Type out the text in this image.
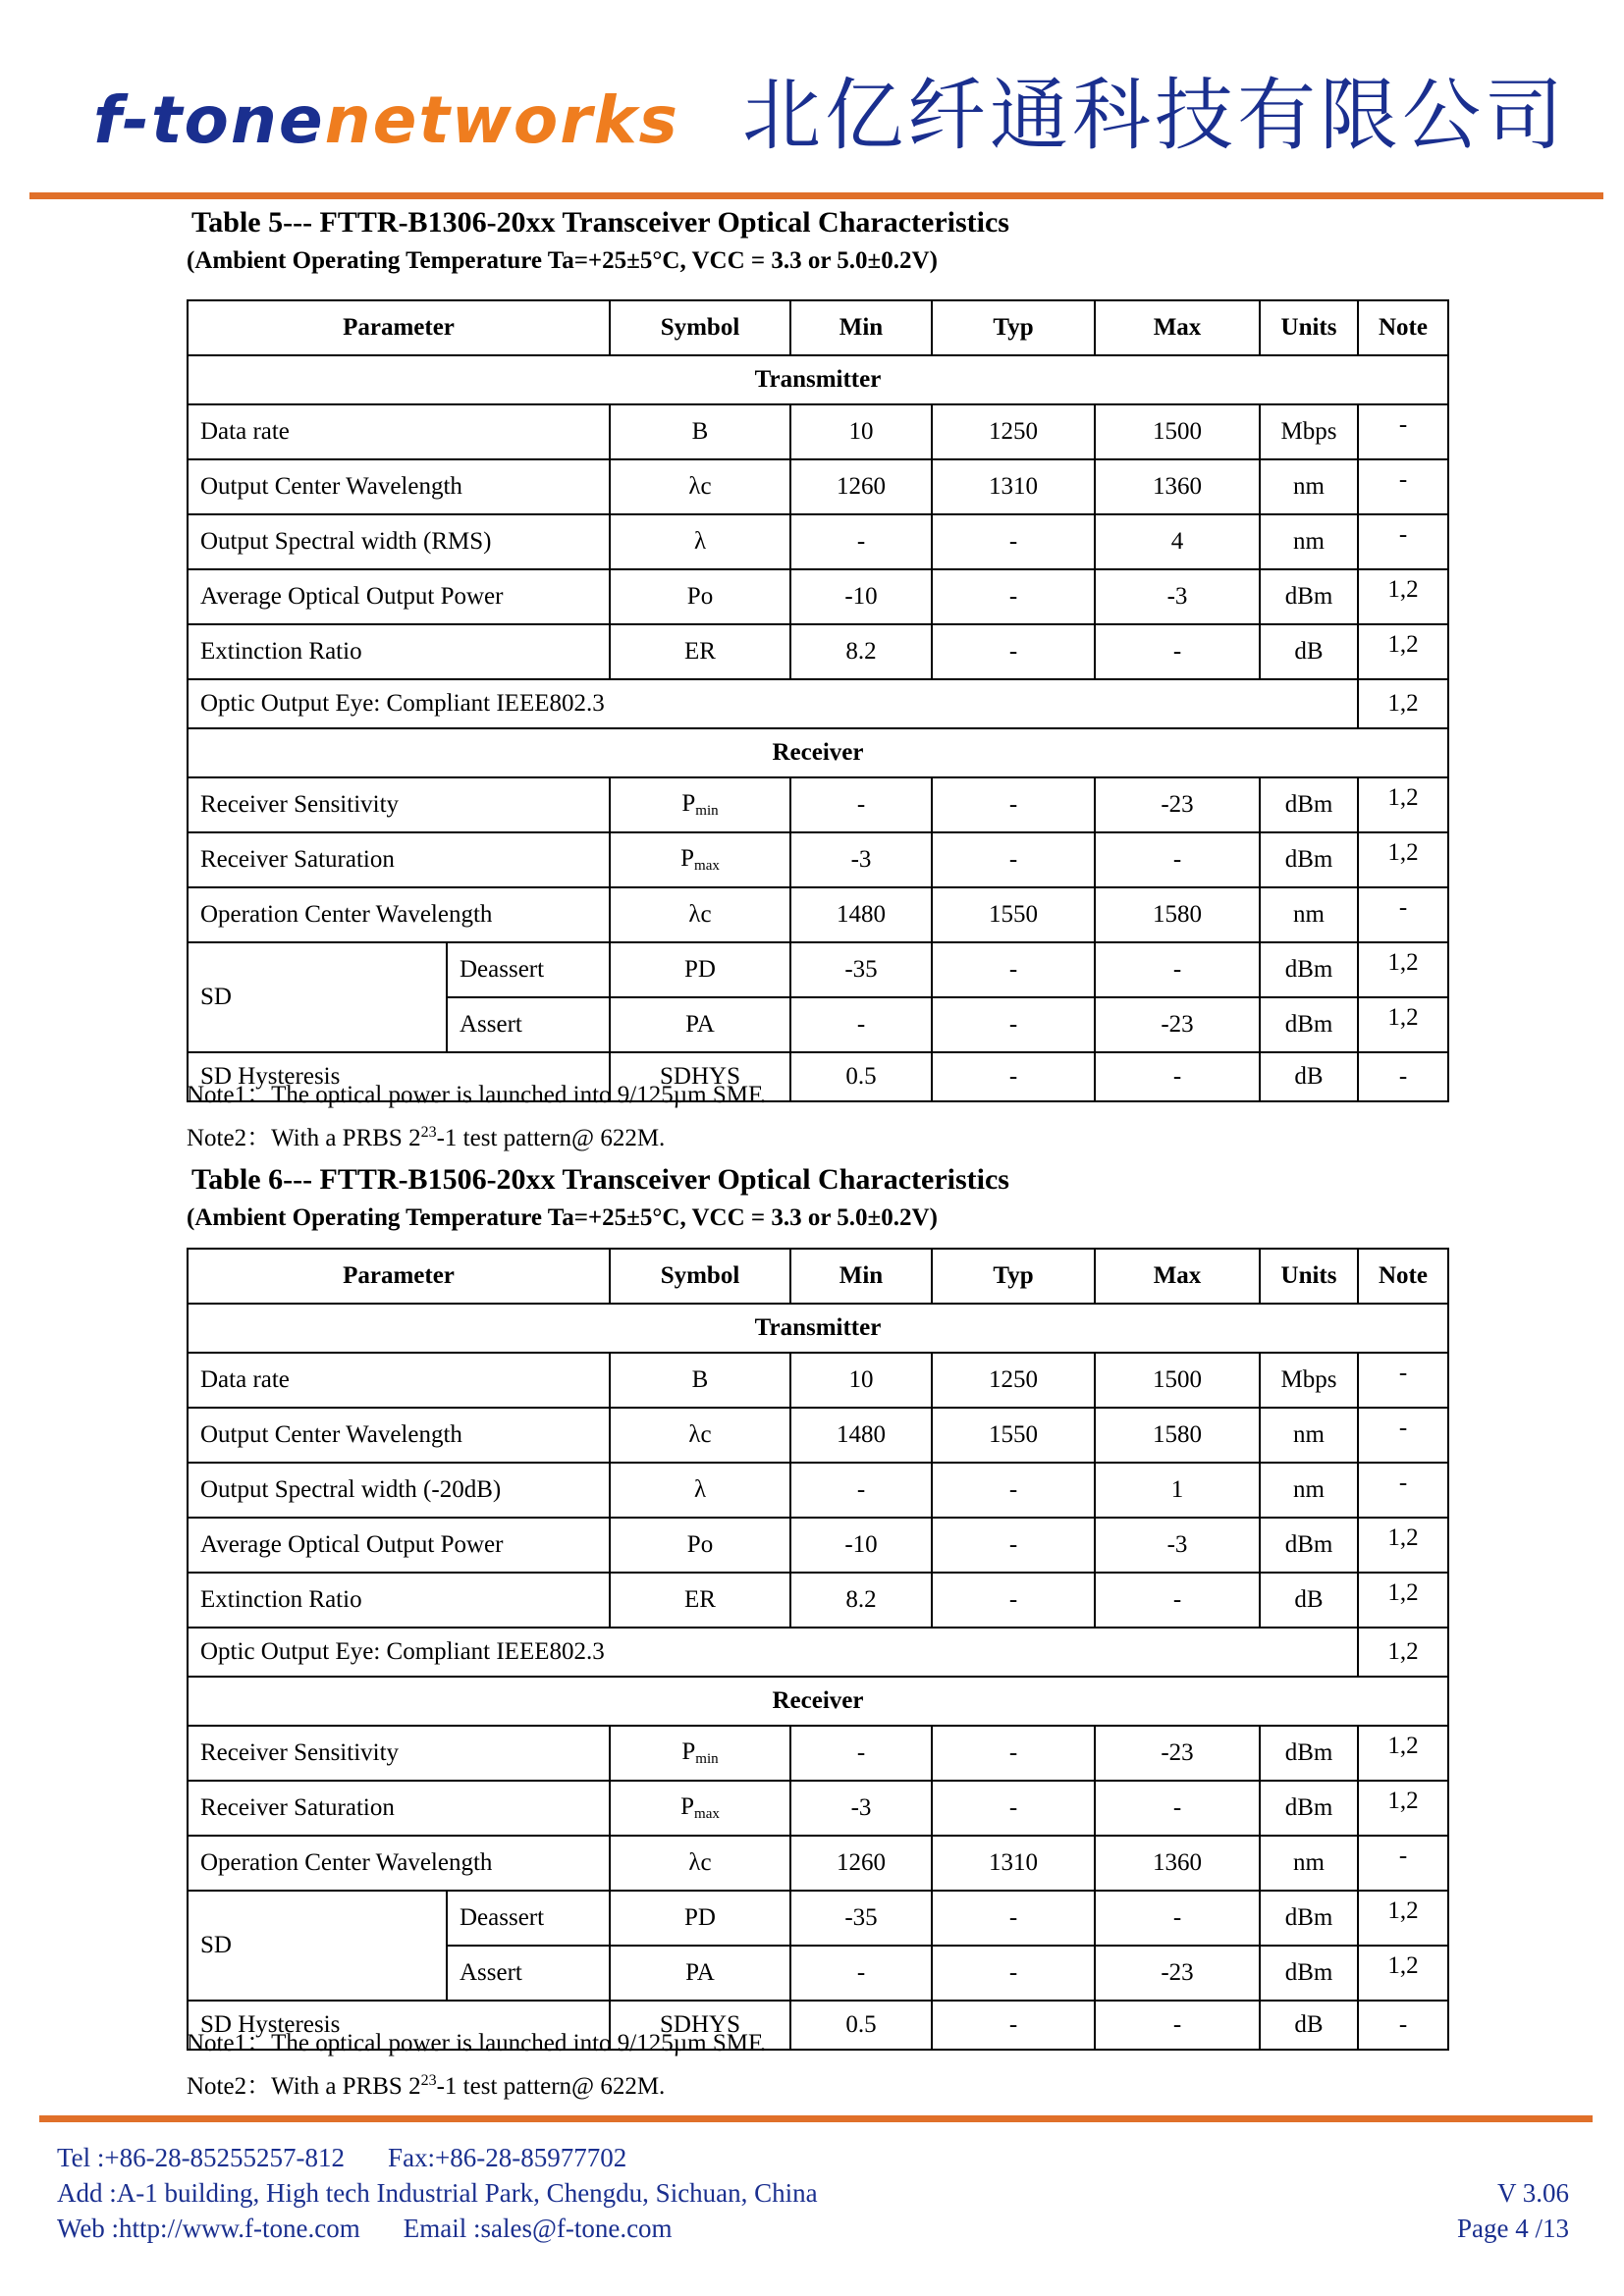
f-tonenetworks 北亿纤通科技有限公司
Table 5--- FTTR-B1306-20xx Transceiver Optical Characteristics
(Ambient Operating Temperature Ta=+25±5°C, VCC = 3.3 or 5.0±0.2V)
Parameter		Symbol	Min	Typ	Max	Units	Note
Transmitter							
Data rate		B	10	1250	1500	Mbps	-
Output Center Wavelength		λc	1260	1310	1360	nm	-
Output Spectral width (RMS)		λ	-	-	4	nm	-
Average Optical Output Power		Po	-10	-	-3	dBm	1,2
Extinction Ratio		ER	8.2	-	-	dB	1,2
Optic Output Eye: Compliant IEEE802.3							1,2
Receiver							
Receiver Sensitivity		$P_{min}$	-	-	-23	dBm	1,2
Receiver Saturation		$P_{max}$	-3	-	-	dBm	1,2
Operation Center Wavelength		λc	1480	1550	1580	nm	-
SD	Deassert	PD	-35	-	-	dBm	1,2
	Assert	PA	-	-	-23	dBm	1,2
SD Hysteresis		SDHYS	0.5	-	-	dB	-
Note1：The optical power is launched into 9/125µm SMF.
Note2：With a PRBS $2^{23}-1$ test pattern@ 622M.
Table 6--- FTTR-B1506-20xx Transceiver Optical Characteristics
(Ambient Operating Temperature Ta=+25±5°C, VCC = 3.3 or 5.0±0.2V)
Parameter		Symbol	Min	Typ	Max	Units	Note
Transmitter							
Data rate		B	10	1250	1500	Mbps	-
Output Center Wavelength		λc	1480	1550	1580	nm	-
Output Spectral width (-20dB)		λ	-	-	1	nm	-
Average Optical Output Power		Po	-10	-	-3	dBm	1,2
Extinction Ratio		ER	8.2	-	-	dB	1,2
Optic Output Eye: Compliant IEEE802.3							1,2
Receiver							
Receiver Sensitivity		$P_{min}$	-	-	-23	dBm	1,2
Receiver Saturation		$P_{max}$	-3	-	-	dBm	1,2
Operation Center Wavelength		λc	1260	1310	1360	nm	-
SD	Deassert	PD	-35	-	-	dBm	1,2
	Assert	PA	-	-	-23	dBm	1,2
SD Hysteresis		SDHYS	0.5	-	-	dB	-
Note1：The optical power is launched into 9/125µm SMF.
Note2：With a PRBS $2^{23}-1$ test pattern@ 622M.
Tel :+86-28-85255257-812 Fax:+86-28-85977702
Add :A-1 building, High tech Industrial Park, Chengdu, Sichuan, China
Web :http://www.f-tone.com Email :sales@f-tone.com
V 3.06
Page 4 /13
